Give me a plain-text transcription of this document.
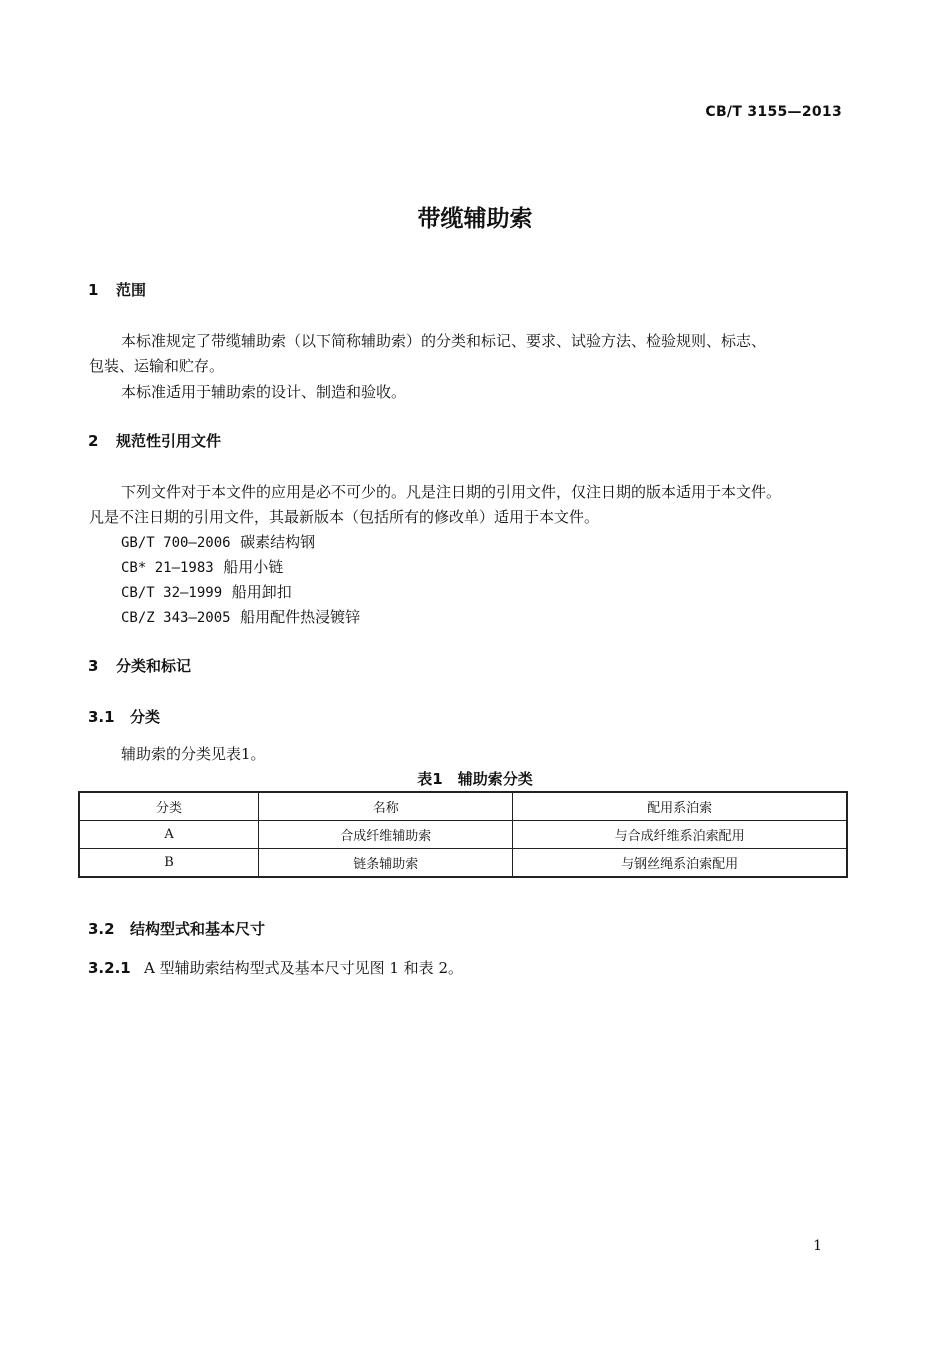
CB/T 3155—2013
带缆辅助索
1 范围
本标准规定了带缆辅助索（以下简称辅助索）的分类和标记、要求、试验方法、检验规则、标志、
包装、运输和贮存。
本标准适用于辅助索的设计、制造和验收。
2 规范性引用文件
下列文件对于本文件的应用是必不可少的。凡是注日期的引用文件，仅注日期的版本适用于本文件。
凡是不注日期的引用文件，其最新版本（包括所有的修改单）适用于本文件。
GB/T 700—2006 碳素结构钢
CB* 21—1983 船用小链
CB/T 32—1999 船用卸扣
CB/Z 343—2005 船用配件热浸镀锌
3 分类和标记
3.1 分类
辅助索的分类见表1。
表1　辅助索分类
分类	名称	配用系泊索
A	合成纤维辅助索	与合成纤维系泊索配用
B	链条辅助索	与钢丝绳系泊索配用
3.2 结构型式和基本尺寸
3.2.1 A 型辅助索结构型式及基本尺寸见图 1 和表 2。
1
